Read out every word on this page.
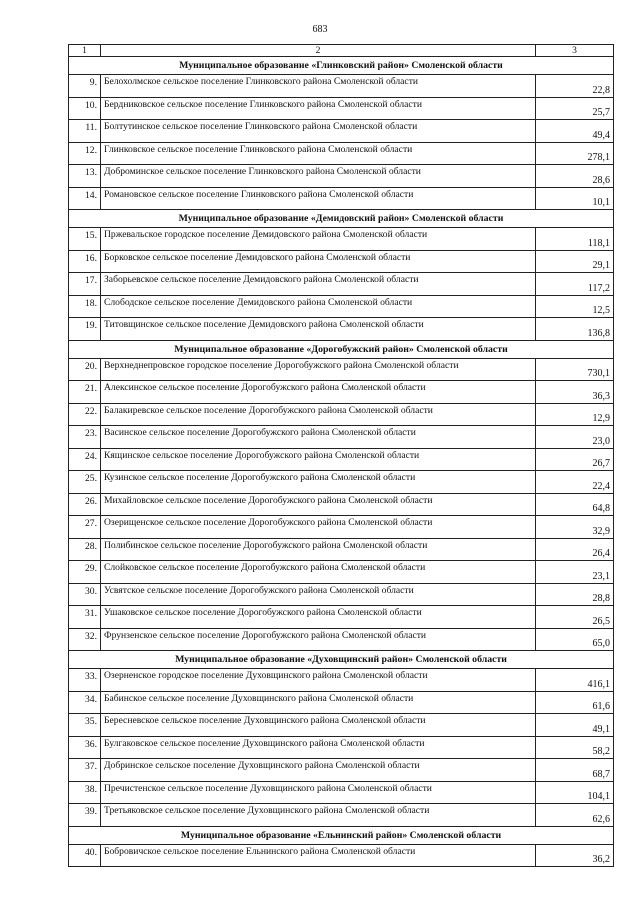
683
1	2	3
Муниципальное образование «Глинковский район» Смоленской области		
9.	Белохолмское сельское поселение Глинковского района Смоленской области	22,8
10.	Бердниковское сельское поселение Глинковского района Смоленской области	25,7
11.	Болтутинское сельское поселение Глинковского района Смоленской области	49,4
12.	Глинковское сельское поселение Глинковского района Смоленской области	278,1
13.	Доброминское сельское поселение Глинковского района Смоленской области	28,6
14.	Романовское сельское поселение Глинковского района Смоленской области	10,1
Муниципальное образование «Демидовский район» Смоленской области		
15.	Пржевальское городское поселение Демидовского района Смоленской области	118,1
16.	Борковское сельское поселение Демидовского района Смоленской области	29,1
17.	Заборьевское сельское поселение Демидовского района Смоленской области	117,2
18.	Слободское сельское поселение Демидовского района Смоленской области	12,5
19.	Титовщинское сельское поселение Демидовского района Смоленской области	136,8
Муниципальное образование «Дорогобужский район» Смоленской области		
20.	Верхнеднепровское городское поселение Дорогобужского района Смоленской области	730,1
21.	Алексинское сельское поселение Дорогобужского района Смоленской области	36,3
22.	Балакиревское сельское поселение Дорогобужского района Смоленской области	12,9
23.	Васинское сельское поселение Дорогобужского района Смоленской области	23,0
24.	Кящинское сельское поселение Дорогобужского района Смоленской области	26,7
25.	Кузинское сельское поселение Дорогобужского района Смоленской области	22,4
26.	Михайловское сельское поселение Дорогобужского района Смоленской области	64,8
27.	Озерищенское сельское поселение Дорогобужского района Смоленской области	32,9
28.	Полибинское сельское поселение Дорогобужского района Смоленской области	26,4
29.	Слойковское сельское поселение Дорогобужского района Смоленской области	23,1
30.	Усвятское сельское поселение Дорогобужского района Смоленской области	28,8
31.	Ушаковское сельское поселение Дорогобужского района Смоленской области	26,5
32.	Фрунзенское сельское поселение Дорогобужского района Смоленской области	65,0
Муниципальное образование «Духовщинский район» Смоленской области		
33.	Озерненское городское поселение Духовщинского района Смоленской области	416,1
34.	Бабинское сельское поселение Духовщинского района Смоленской области	61,6
35.	Бересневское сельское поселение Духовщинского района Смоленской области	49,1
36.	Булгаковское сельское поселение Духовщинского района Смоленской области	58,2
37.	Добринское сельское поселение Духовщинского района Смоленской области	68,7
38.	Пречистенское сельское поселение Духовщинского района Смоленской области	104,1
39.	Третьяковское сельское поселение Духовщинского района Смоленской области	62,6
Муниципальное образование «Ельнинский район» Смоленской области		
40.	Бобровичское сельское поселение Ельнинского района Смоленской области	36,2
